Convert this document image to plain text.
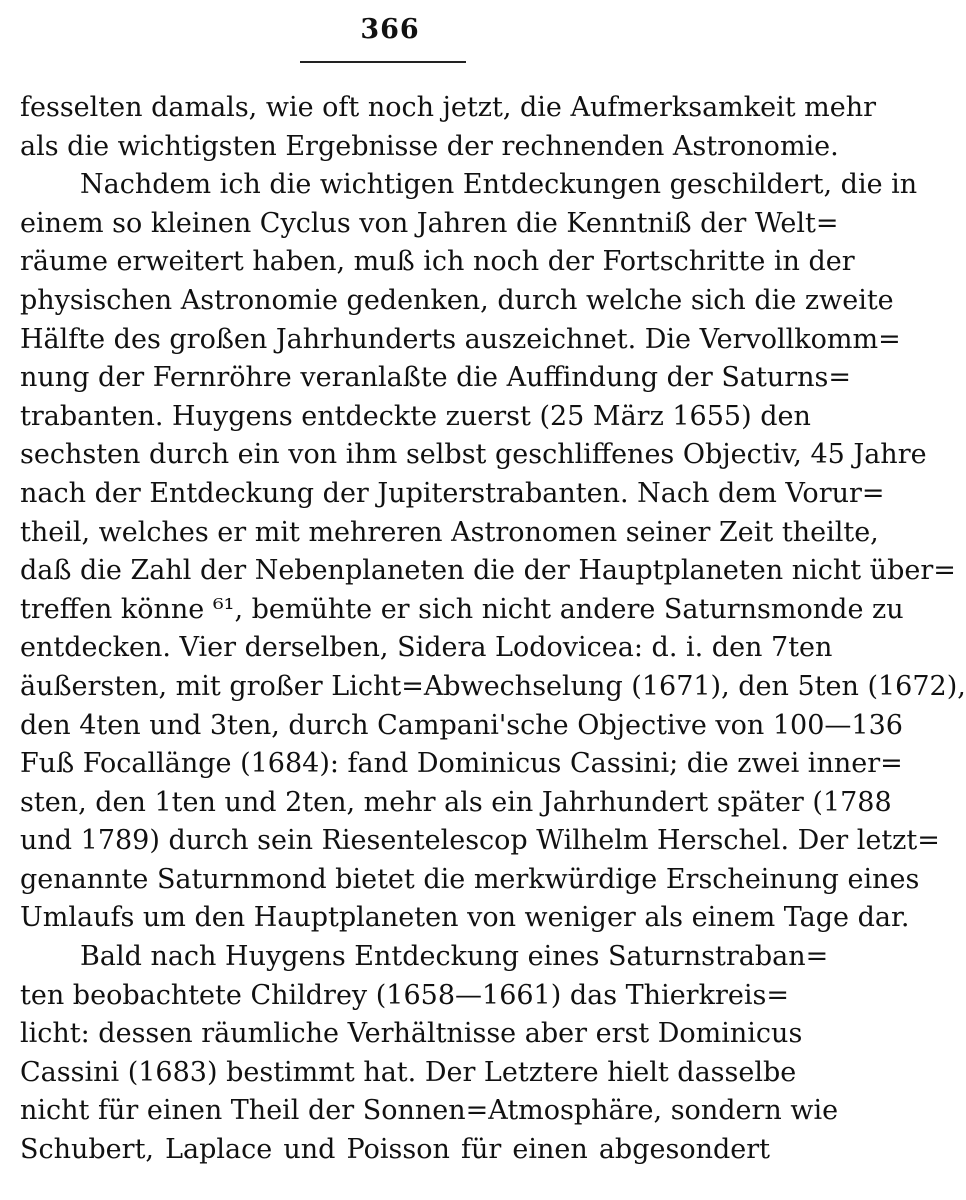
366
fesselten damals, wie oft noch jetzt, die Aufmerksamkeit mehr
als die wichtigsten Ergebnisse der rechnenden Astronomie.
Nachdem ich die wichtigen Entdeckungen geschildert, die in
einem so kleinen Cyclus von Jahren die Kenntniß der Welt=
räume erweitert haben, muß ich noch der Fortschritte in der
physischen Astronomie gedenken, durch welche sich die zweite
Hälfte des großen Jahrhunderts auszeichnet. Die Vervollkomm=
nung der Fernröhre veranlaßte die Auffindung der Saturns=
trabanten. Huygens entdeckte zuerst (25 März 1655) den
sechsten durch ein von ihm selbst geschliffenes Objectiv, 45 Jahre
nach der Entdeckung der Jupiterstrabanten. Nach dem Vorur=
theil, welches er mit mehreren Astronomen seiner Zeit theilte,
daß die Zahl der Nebenplaneten die der Hauptplaneten nicht über=
treffen könne ⁶¹, bemühte er sich nicht andere Saturnsmonde zu
entdecken. Vier derselben, Sidera Lodovicea: d. i. den 7ten
äußersten, mit großer Licht=Abwechselung (1671), den 5ten (1672),
den 4ten und 3ten, durch Campani'sche Objective von 100—136
Fuß Focallänge (1684): fand Dominicus Cassini; die zwei inner=
sten, den 1ten und 2ten, mehr als ein Jahrhundert später (1788
und 1789) durch sein Riesentelescop Wilhelm Herschel. Der letzt=
genannte Saturnmond bietet die merkwürdige Erscheinung eines
Umlaufs um den Hauptplaneten von weniger als einem Tage dar.
Bald nach Huygens Entdeckung eines Saturnstraban=
ten beobachtete Childrey (1658—1661) das Thierkreis=
licht: dessen räumliche Verhältnisse aber erst Dominicus
Cassini (1683) bestimmt hat. Der Letztere hielt dasselbe
nicht für einen Theil der Sonnen=Atmosphäre, sondern wie
Schubert, Laplace und Poisson für einen abgesondert
